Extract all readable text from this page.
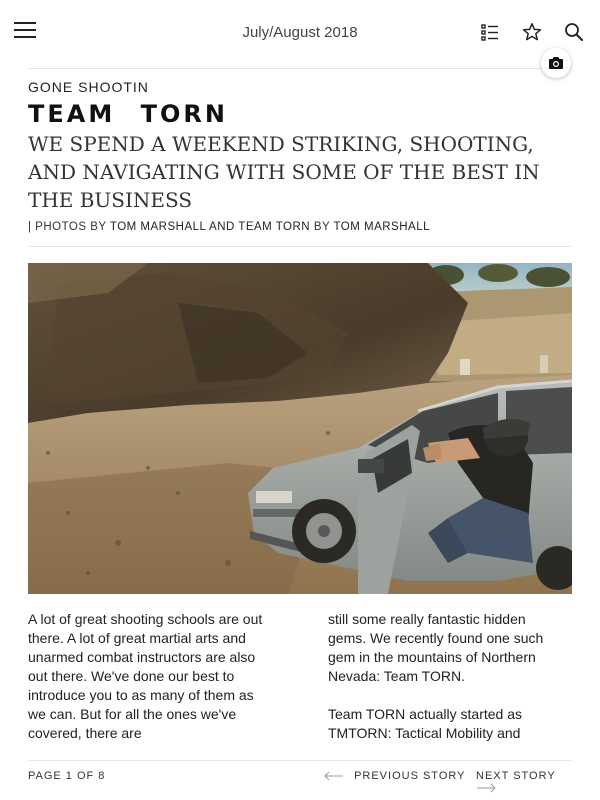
July/August 2018
GONE SHOOTIN
TEAM TORN
WE SPEND A WEEKEND STRIKING, SHOOTING, AND NAVIGATING WITH SOME OF THE BEST IN THE BUSINESS
| PHOTOS BY TOM MARSHALL AND TEAM TORN BY TOM MARSHALL

A lot of great shooting schools are out there. A lot of great martial arts and unarmed combat instructors are also out there. We've done our best to introduce you to as many of them as we can. But for all the ones we've covered, there are

still some really fantastic hidden gems. We recently found one such gem in the mountains of Northern Nevada: Team TORN.

Team TORN actually started as TMTORN: Tactical Mobility and

PAGE 1 OF 8	PREVIOUS STORY NEXT STORY
